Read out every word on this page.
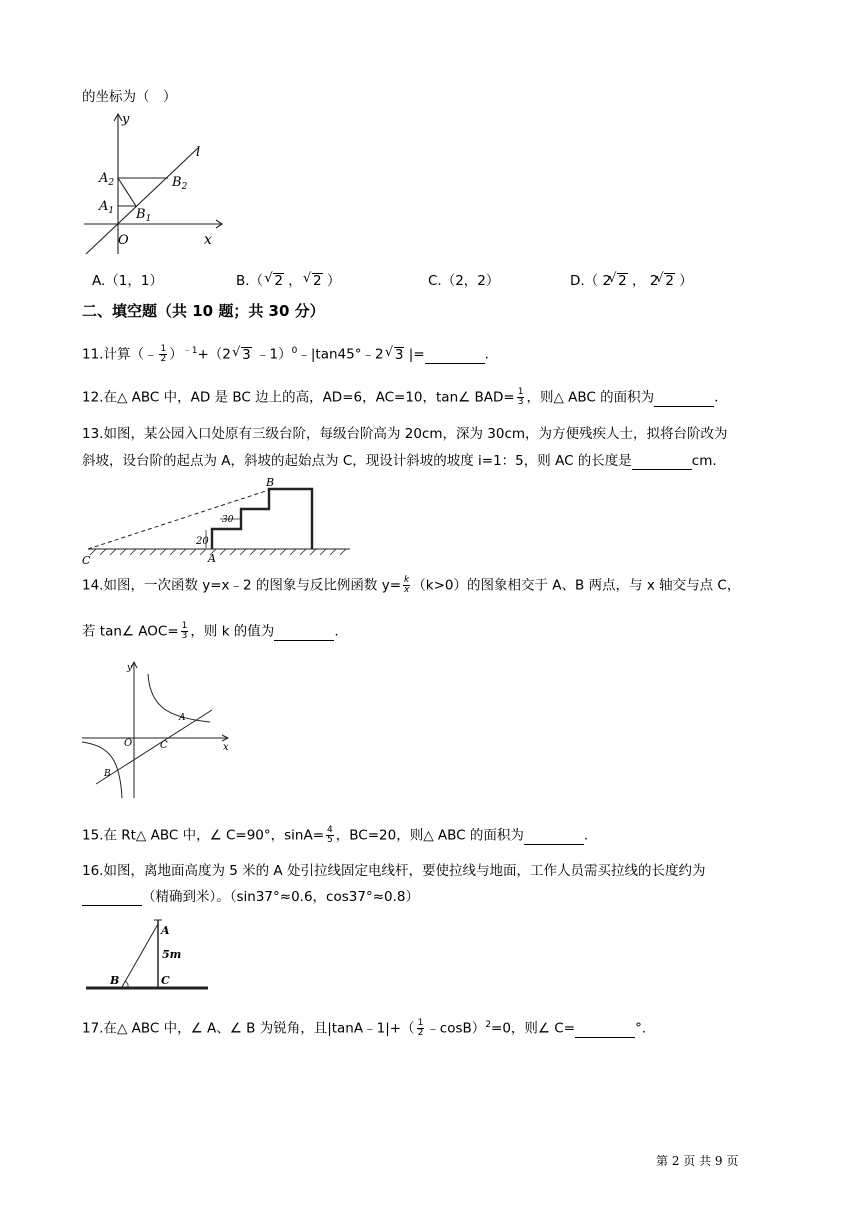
的坐标为（　）
y
x
l
O
$A_2$
$A_1$
$B_2$
$B_1$
A.（1，1）	B.（ √ 2 ， √ 2 ）	C.（2，2）	D.（ 2 √ 2 ， 2 √ 2 ）
二、填空题（共 10 题；共 30 分）
11.计算（﹣ $\frac{1}{2} )^{﹣1}+(2$ √ 3 ﹣1）$^0$﹣|tan45°﹣2 √ 3 |=	.
12.在△ ABC 中，AD 是 BC 边上的高，AD=6，AC=10，tan∠ $BAD= \frac{1}{3}$ ，则△ ABC 的面积为	.
13.如图，某公园入口处原有三级台阶，每级台阶高为 20cm，深为 30cm，为方便残疾人士，拟将台阶改为
斜坡，设台阶的起点为 A，斜坡的起始点为 C，现设计斜坡的坡度 i=1：5，则 AC 的长度是	cm.
B
C	A
20
30
14.如图，一次函数 y=x﹣2 的图象与反比例函数 $y= \frac{k}{x} (k>0)$的图象相交于 A、B 两点，与 x 轴交与点 C，
若 tan∠ $AOC= \frac{1}{3}$ ，则 k 的值为	.
y
x
O
A
B
C
15.在 Rt△ ABC 中，∠ C=90°，$\sin A= \frac{4}{5}$ ，BC=20，则△ ABC 的面积为	.
16.如图，离地面高度为 5 米的 A 处引拉线固定电线杆，要使拉线与地面，工作人员需买拉线的长度约为
（精确到米）。（sin37°≈0.6，cos37°≈0.8）
A
5m
B	C
17.在△ ABC 中，∠ A、∠ B 为锐角，且|tanA﹣1|+（ $\frac{1}{2}$ ﹣cosB）$^2$=0，则∠ C=	°.
第 2 页 共 9 页
